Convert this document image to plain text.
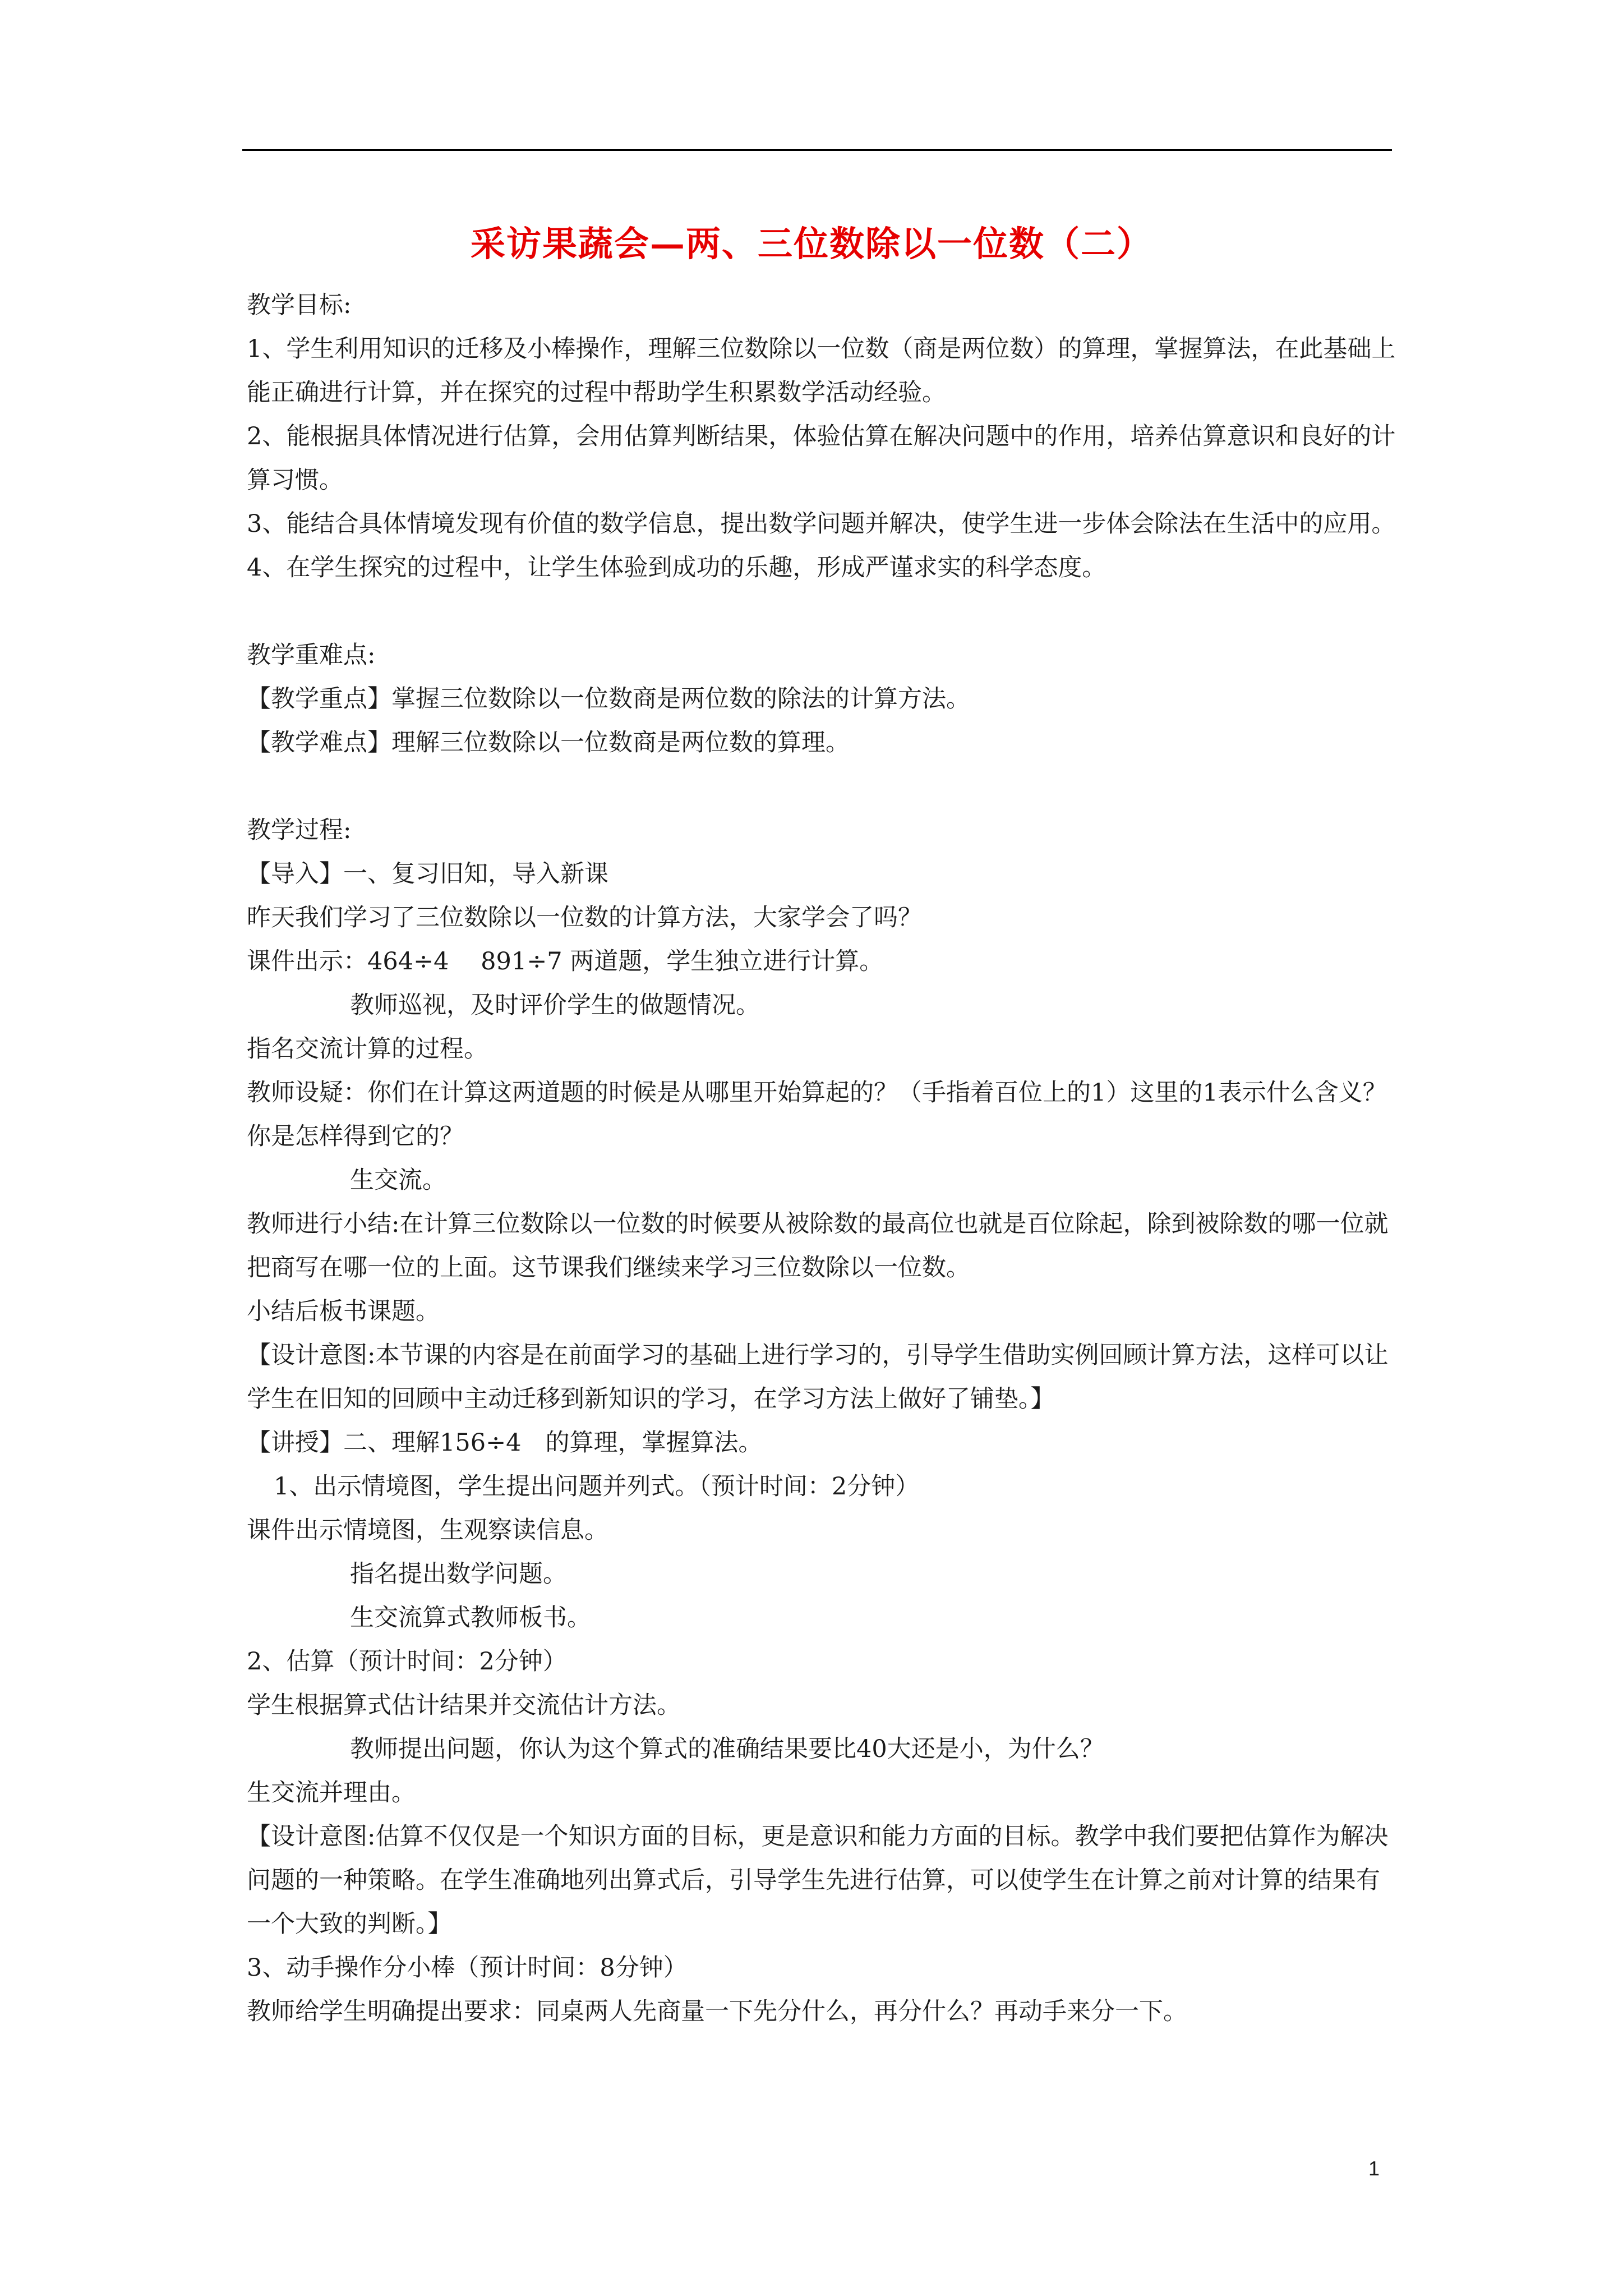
采访果蔬会—两、三位数除以一位数（二）

教学目标:

1、学生利用知识的迁移及小棒操作，理解三位数除以一位数（商是两位数）的算理，掌握算法，在此基础上能正确进行计算，并在探究的过程中帮助学生积累数学活动经验。

2、能根据具体情况进行估算，会用估算判断结果，体验估算在解决问题中的作用，培养估算意识和良好的计算习惯。

3、能结合具体情境发现有价值的数学信息，提出数学问题并解决，使学生进一步体会除法在生活中的应用。

4、在学生探究的过程中，让学生体验到成功的乐趣，形成严谨求实的科学态度。

教学重难点:

【教学重点】掌握三位数除以一位数商是两位数的除法的计算方法。

【教学难点】理解三位数除以一位数商是两位数的算理。

教学过程:

【导入】一、复习旧知，导入新课

昨天我们学习了三位数除以一位数的计算方法，大家学会了吗？

课件出示：464÷4　 891÷7 两道题，学生独立进行计算。

教师巡视，及时评价学生的做题情况。

指名交流计算的过程。

教师设疑：你们在计算这两道题的时候是从哪里开始算起的？（手指着百位上的1）这里的1表示什么含义？你是怎样得到它的？

生交流。

教师进行小结:在计算三位数除以一位数的时候要从被除数的最高位也就是百位除起，除到被除数的哪一位就把商写在哪一位的上面。这节课我们继续来学习三位数除以一位数。

小结后板书课题。

【设计意图:本节课的内容是在前面学习的基础上进行学习的，引导学生借助实例回顾计算方法，这样可以让学生在旧知的回顾中主动迁移到新知识的学习，在学习方法上做好了铺垫。】

【讲授】二、理解156÷4　的算理，掌握算法。

1、出示情境图，学生提出问题并列式。（预计时间：2分钟）

课件出示情境图，生观察读信息。

指名提出数学问题。

生交流算式教师板书。

2、估算（预计时间：2分钟）

学生根据算式估计结果并交流估计方法。

教师提出问题，你认为这个算式的准确结果要比40大还是小，为什么？

生交流并理由。

【设计意图:估算不仅仅是一个知识方面的目标，更是意识和能力方面的目标。教学中我们要把估算作为解决问题的一种策略。在学生准确地列出算式后，引导学生先进行估算，可以使学生在计算之前对计算的结果有一个大致的判断。】

3、动手操作分小棒（预计时间：8分钟）

教师给学生明确提出要求：同桌两人先商量一下先分什么，再分什么？再动手来分一下。

1
